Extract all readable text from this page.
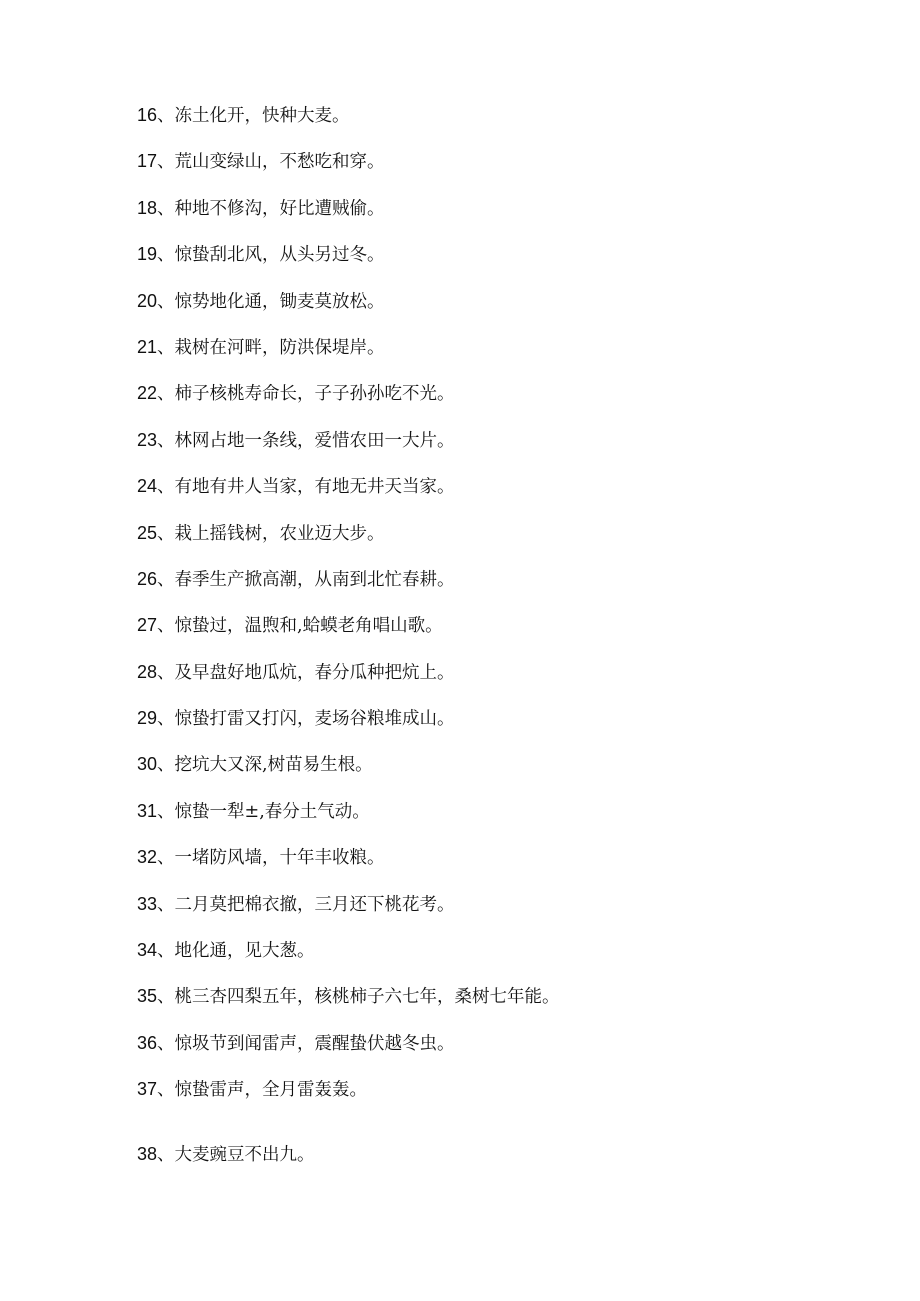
16、冻土化开，快种大麦。
17、荒山变绿山，不愁吃和穿。
18、种地不修沟，好比遭贼偷。
19、惊蛰刮北风，从头另过冬。
20、惊势地化通，锄麦莫放松。
21、栽树在河畔，防洪保堤岸。
22、柿子核桃寿命长，子子孙孙吃不光。
23、林网占地一条线，爱惜农田一大片。
24、有地有井人当家，有地无井天当家。
25、栽上摇钱树，农业迈大步。
26、春季生产掀高潮，从南到北忙春耕。
27、惊蛰过，温煦和,蛤蟆老角唱山歌。
28、及早盘好地瓜炕，春分瓜种把炕上。
29、惊蛰打雷又打闪，麦场谷粮堆成山。
30、挖坑大又深,树苗易生根。
31、惊蛰一犁±,春分土气动。
32、一堵防风墙，十年丰收粮。
33、二月莫把棉衣撤，三月还下桃花考。
34、地化通，见大葱。
35、桃三杏四梨五年，核桃柿子六七年，桑树七年能。
36、惊圾节到闻雷声，震醒蛰伏越冬虫。
37、惊蛰雷声，全月雷轰轰。
38、大麦豌豆不出九。
